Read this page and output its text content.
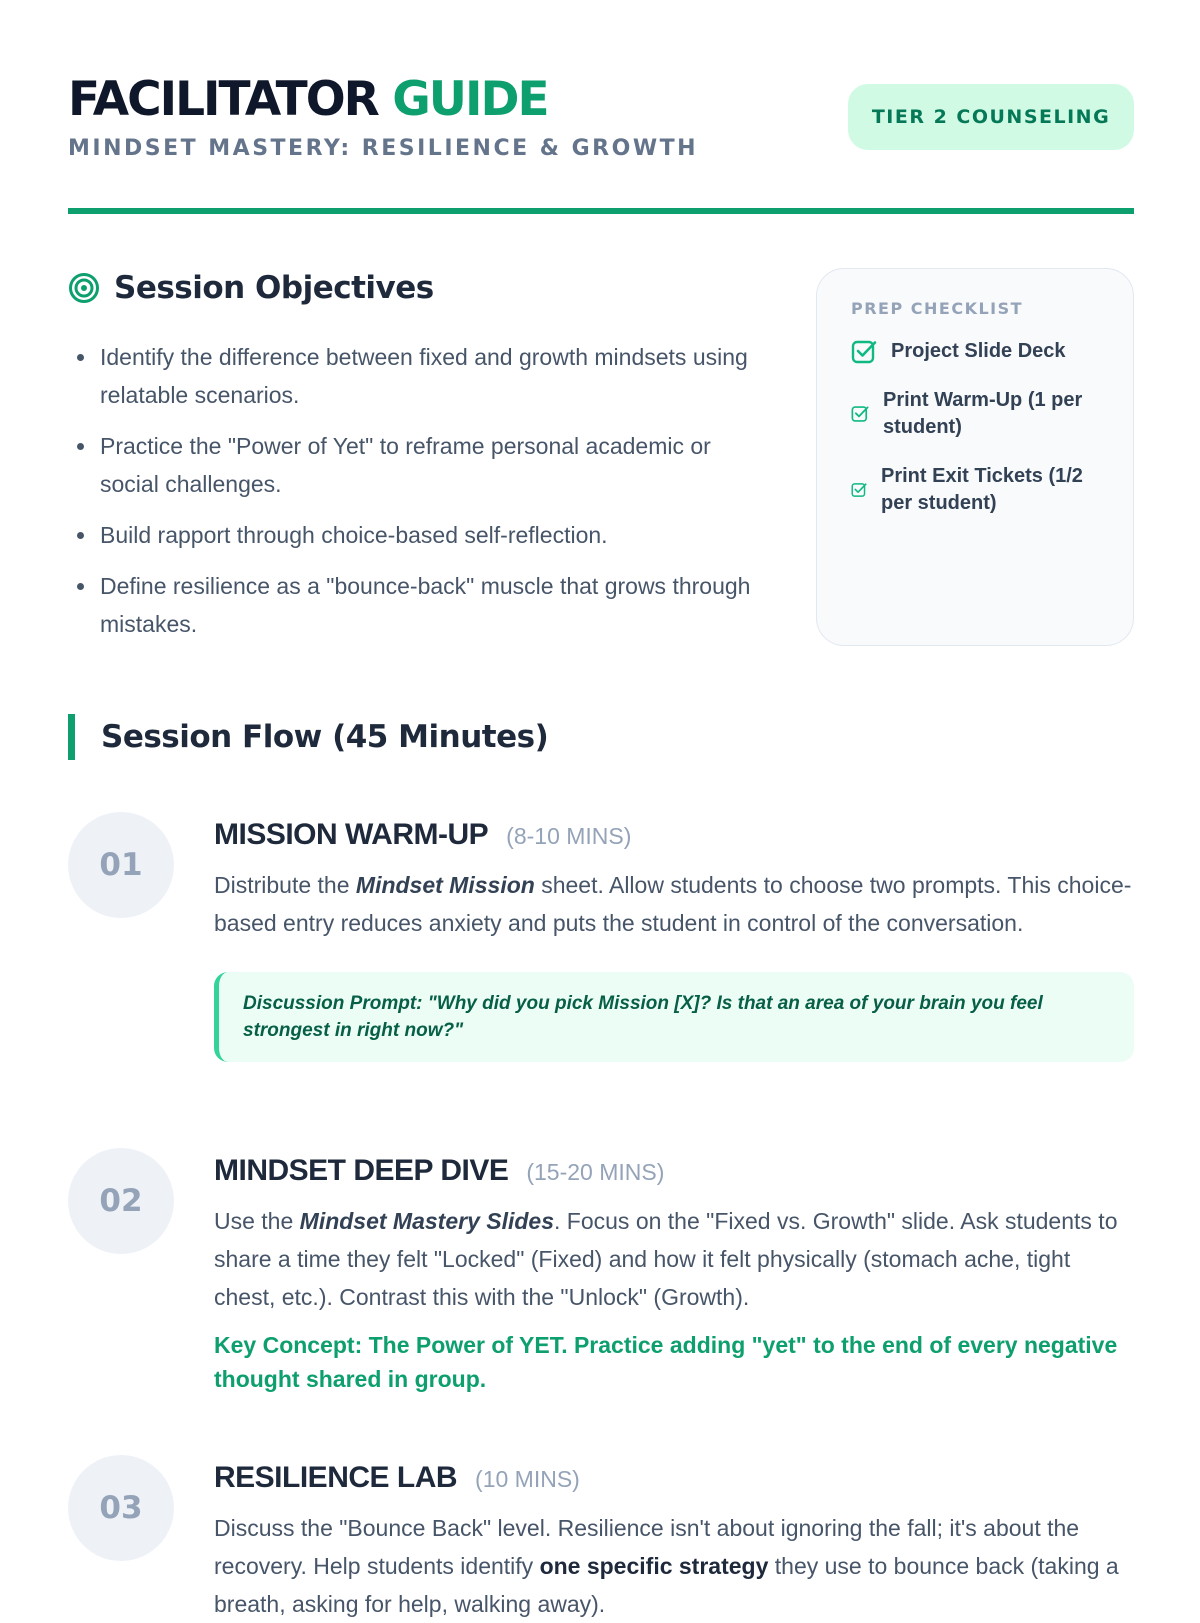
FACILITATOR GUIDE
MINDSET MASTERY: RESILIENCE & GROWTH
TIER 2 COUNSELING
Session Objectives
Identify the difference between fixed and growth mindsets using relatable scenarios.
Practice the "Power of Yet" to reframe personal academic or social challenges.
Build rapport through choice-based self-reflection.
Define resilience as a "bounce-back" muscle that grows through mistakes.
PREP CHECKLIST
Project Slide Deck
Print Warm-Up (1 per student)
Print Exit Tickets (1/2 per student)
Session Flow (45 Minutes)
01
MISSION WARM-UP (8-10 MINS)

Distribute the Mindset Mission sheet. Allow students to choose two prompts. This choice-based entry reduces anxiety and puts the student in control of the conversation.

Discussion Prompt: "Why did you pick Mission [X]? Is that an area of your brain you feel strongest in right now?"
02
MINDSET DEEP DIVE (15-20 MINS)

Use the Mindset Mastery Slides. Focus on the "Fixed vs. Growth" slide. Ask students to share a time they felt "Locked" (Fixed) and how it felt physically (stomach ache, tight chest, etc.). Contrast this with the "Unlock" (Growth).

Key Concept: The Power of YET. Practice adding "yet" to the end of every negative thought shared in group.

03
RESILIENCE LAB (10 MINS)

Discuss the "Bounce Back" level. Resilience isn't about ignoring the fall; it's about the recovery. Help students identify one specific strategy they use to bounce back (taking a breath, asking for help, walking away).
